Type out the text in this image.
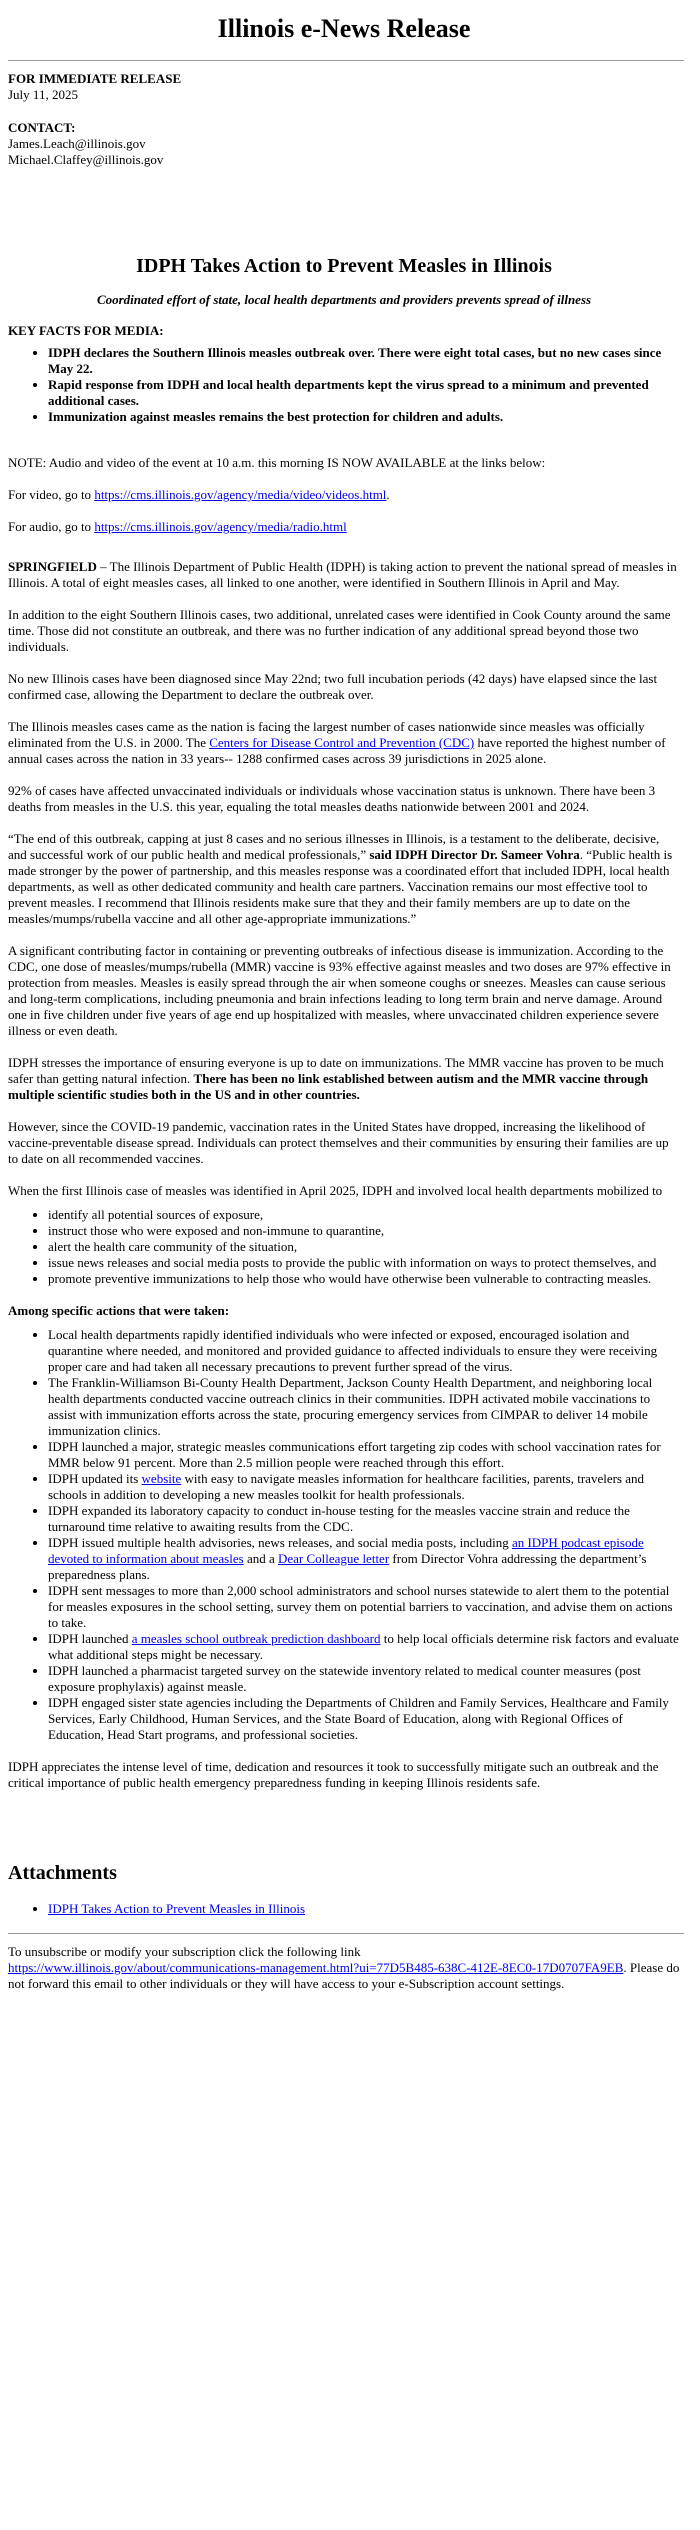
Illinois e-News Release
FOR IMMEDIATE RELEASE
July 11, 2025
CONTACT:
James.Leach@illinois.gov
Michael.Claffey@illinois.gov
IDPH Takes Action to Prevent Measles in Illinois
Coordinated effort of state, local health departments and providers prevents spread of illness

KEY FACTS FOR MEDIA:

• IDPH declares the Southern Illinois measles outbreak over. There were eight total cases, but no new cases since May 22.
• Rapid response from IDPH and local health departments kept the virus spread to a minimum and prevented additional cases.
• Immunization against measles remains the best protection for children and adults.

NOTE: Audio and video of the event at 10 a.m. this morning IS NOW AVAILABLE at the links below:

For video, go to https://cms.illinois.gov/agency/media/video/videos.html.

For audio, go to https://cms.illinois.gov/agency/media/radio.html

SPRINGFIELD – The Illinois Department of Public Health (IDPH) is taking action to prevent the national spread of measles in Illinois. A total of eight measles cases, all linked to one another, were identified in Southern Illinois in April and May.

In addition to the eight Southern Illinois cases, two additional, unrelated cases were identified in Cook County around the same time. Those did not constitute an outbreak, and there was no further indication of any additional spread beyond those two individuals.

No new Illinois cases have been diagnosed since May 22nd; two full incubation periods (42 days) have elapsed since the last confirmed case, allowing the Department to declare the outbreak over.

The Illinois measles cases came as the nation is facing the largest number of cases nationwide since measles was officially eliminated from the U.S. in 2000. The Centers for Disease Control and Prevention (CDC) have reported the highest number of annual cases across the nation in 33 years-- 1288 confirmed cases across 39 jurisdictions in 2025 alone.

92% of cases have affected unvaccinated individuals or individuals whose vaccination status is unknown. There have been 3 deaths from measles in the U.S. this year, equaling the total measles deaths nationwide between 2001 and 2024.

“The end of this outbreak, capping at just 8 cases and no serious illnesses in Illinois, is a testament to the deliberate, decisive, and successful work of our public health and medical professionals,” said IDPH Director Dr. Sameer Vohra. “Public health is made stronger by the power of partnership, and this measles response was a coordinated effort that included IDPH, local health departments, as well as other dedicated community and health care partners. Vaccination remains our most effective tool to prevent measles. I recommend that Illinois residents make sure that they and their family members are up to date on the measles/mumps/rubella vaccine and all other age-appropriate immunizations.”

A significant contributing factor in containing or preventing outbreaks of infectious disease is immunization. According to the CDC, one dose of measles/mumps/rubella (MMR) vaccine is 93% effective against measles and two doses are 97% effective in protection from measles. Measles is easily spread through the air when someone coughs or sneezes. Measles can cause serious and long-term complications, including pneumonia and brain infections leading to long term brain and nerve damage. Around one in five children under five years of age end up hospitalized with measles, where unvaccinated children experience severe illness or even death.

IDPH stresses the importance of ensuring everyone is up to date on immunizations. The MMR vaccine has proven to be much safer than getting natural infection. There has been no link established between autism and the MMR vaccine through multiple scientific studies both in the US and in other countries.

However, since the COVID-19 pandemic, vaccination rates in the United States have dropped, increasing the likelihood of vaccine-preventable disease spread. Individuals can protect themselves and their communities by ensuring their families are up to date on all recommended vaccines.

When the first Illinois case of measles was identified in April 2025, IDPH and involved local health departments mobilized to

• identify all potential sources of exposure,
• instruct those who were exposed and non-immune to quarantine,
• alert the health care community of the situation,
• issue news releases and social media posts to provide the public with information on ways to protect themselves, and
• promote preventive immunizations to help those who would have otherwise been vulnerable to contracting measles.

Among specific actions that were taken:

• Local health departments rapidly identified individuals who were infected or exposed, encouraged isolation and quarantine where needed, and monitored and provided guidance to affected individuals to ensure they were receiving proper care and had taken all necessary precautions to prevent further spread of the virus.
• The Franklin-Williamson Bi-County Health Department, Jackson County Health Department, and neighboring local health departments conducted vaccine outreach clinics in their communities. IDPH activated mobile vaccinations to assist with immunization efforts across the state, procuring emergency services from CIMPAR to deliver 14 mobile immunization clinics.
• IDPH launched a major, strategic measles communications effort targeting zip codes with school vaccination rates for MMR below 91 percent. More than 2.5 million people were reached through this effort.
• IDPH updated its website with easy to navigate measles information for healthcare facilities, parents, travelers and schools in addition to developing a new measles toolkit for health professionals.
• IDPH expanded its laboratory capacity to conduct in-house testing for the measles vaccine strain and reduce the turnaround time relative to awaiting results from the CDC.
• IDPH issued multiple health advisories, news releases, and social media posts, including an IDPH podcast episode devoted to information about measles and a Dear Colleague letter from Director Vohra addressing the department’s preparedness plans.
• IDPH sent messages to more than 2,000 school administrators and school nurses statewide to alert them to the potential for measles exposures in the school setting, survey them on potential barriers to vaccination, and advise them on actions to take.
• IDPH launched a measles school outbreak prediction dashboard to help local officials determine risk factors and evaluate what additional steps might be necessary.
• IDPH launched a pharmacist targeted survey on the statewide inventory related to medical counter measures (post exposure prophylaxis) against measle.
• IDPH engaged sister state agencies including the Departments of Children and Family Services, Healthcare and Family Services, Early Childhood, Human Services, and the State Board of Education, along with Regional Offices of Education, Head Start programs, and professional societies.

IDPH appreciates the intense level of time, dedication and resources it took to successfully mitigate such an outbreak and the critical importance of public health emergency preparedness funding in keeping Illinois residents safe.

Attachments
• IDPH Takes Action to Prevent Measles in Illinois

To unsubscribe or modify your subscription click the following link
https://www.illinois.gov/about/communications-management.html?ui=77D5B485-638C-412E-8EC0-17D0707FA9EB. Please do not forward this email to other individuals or they will have access to your e-Subscription account settings.
